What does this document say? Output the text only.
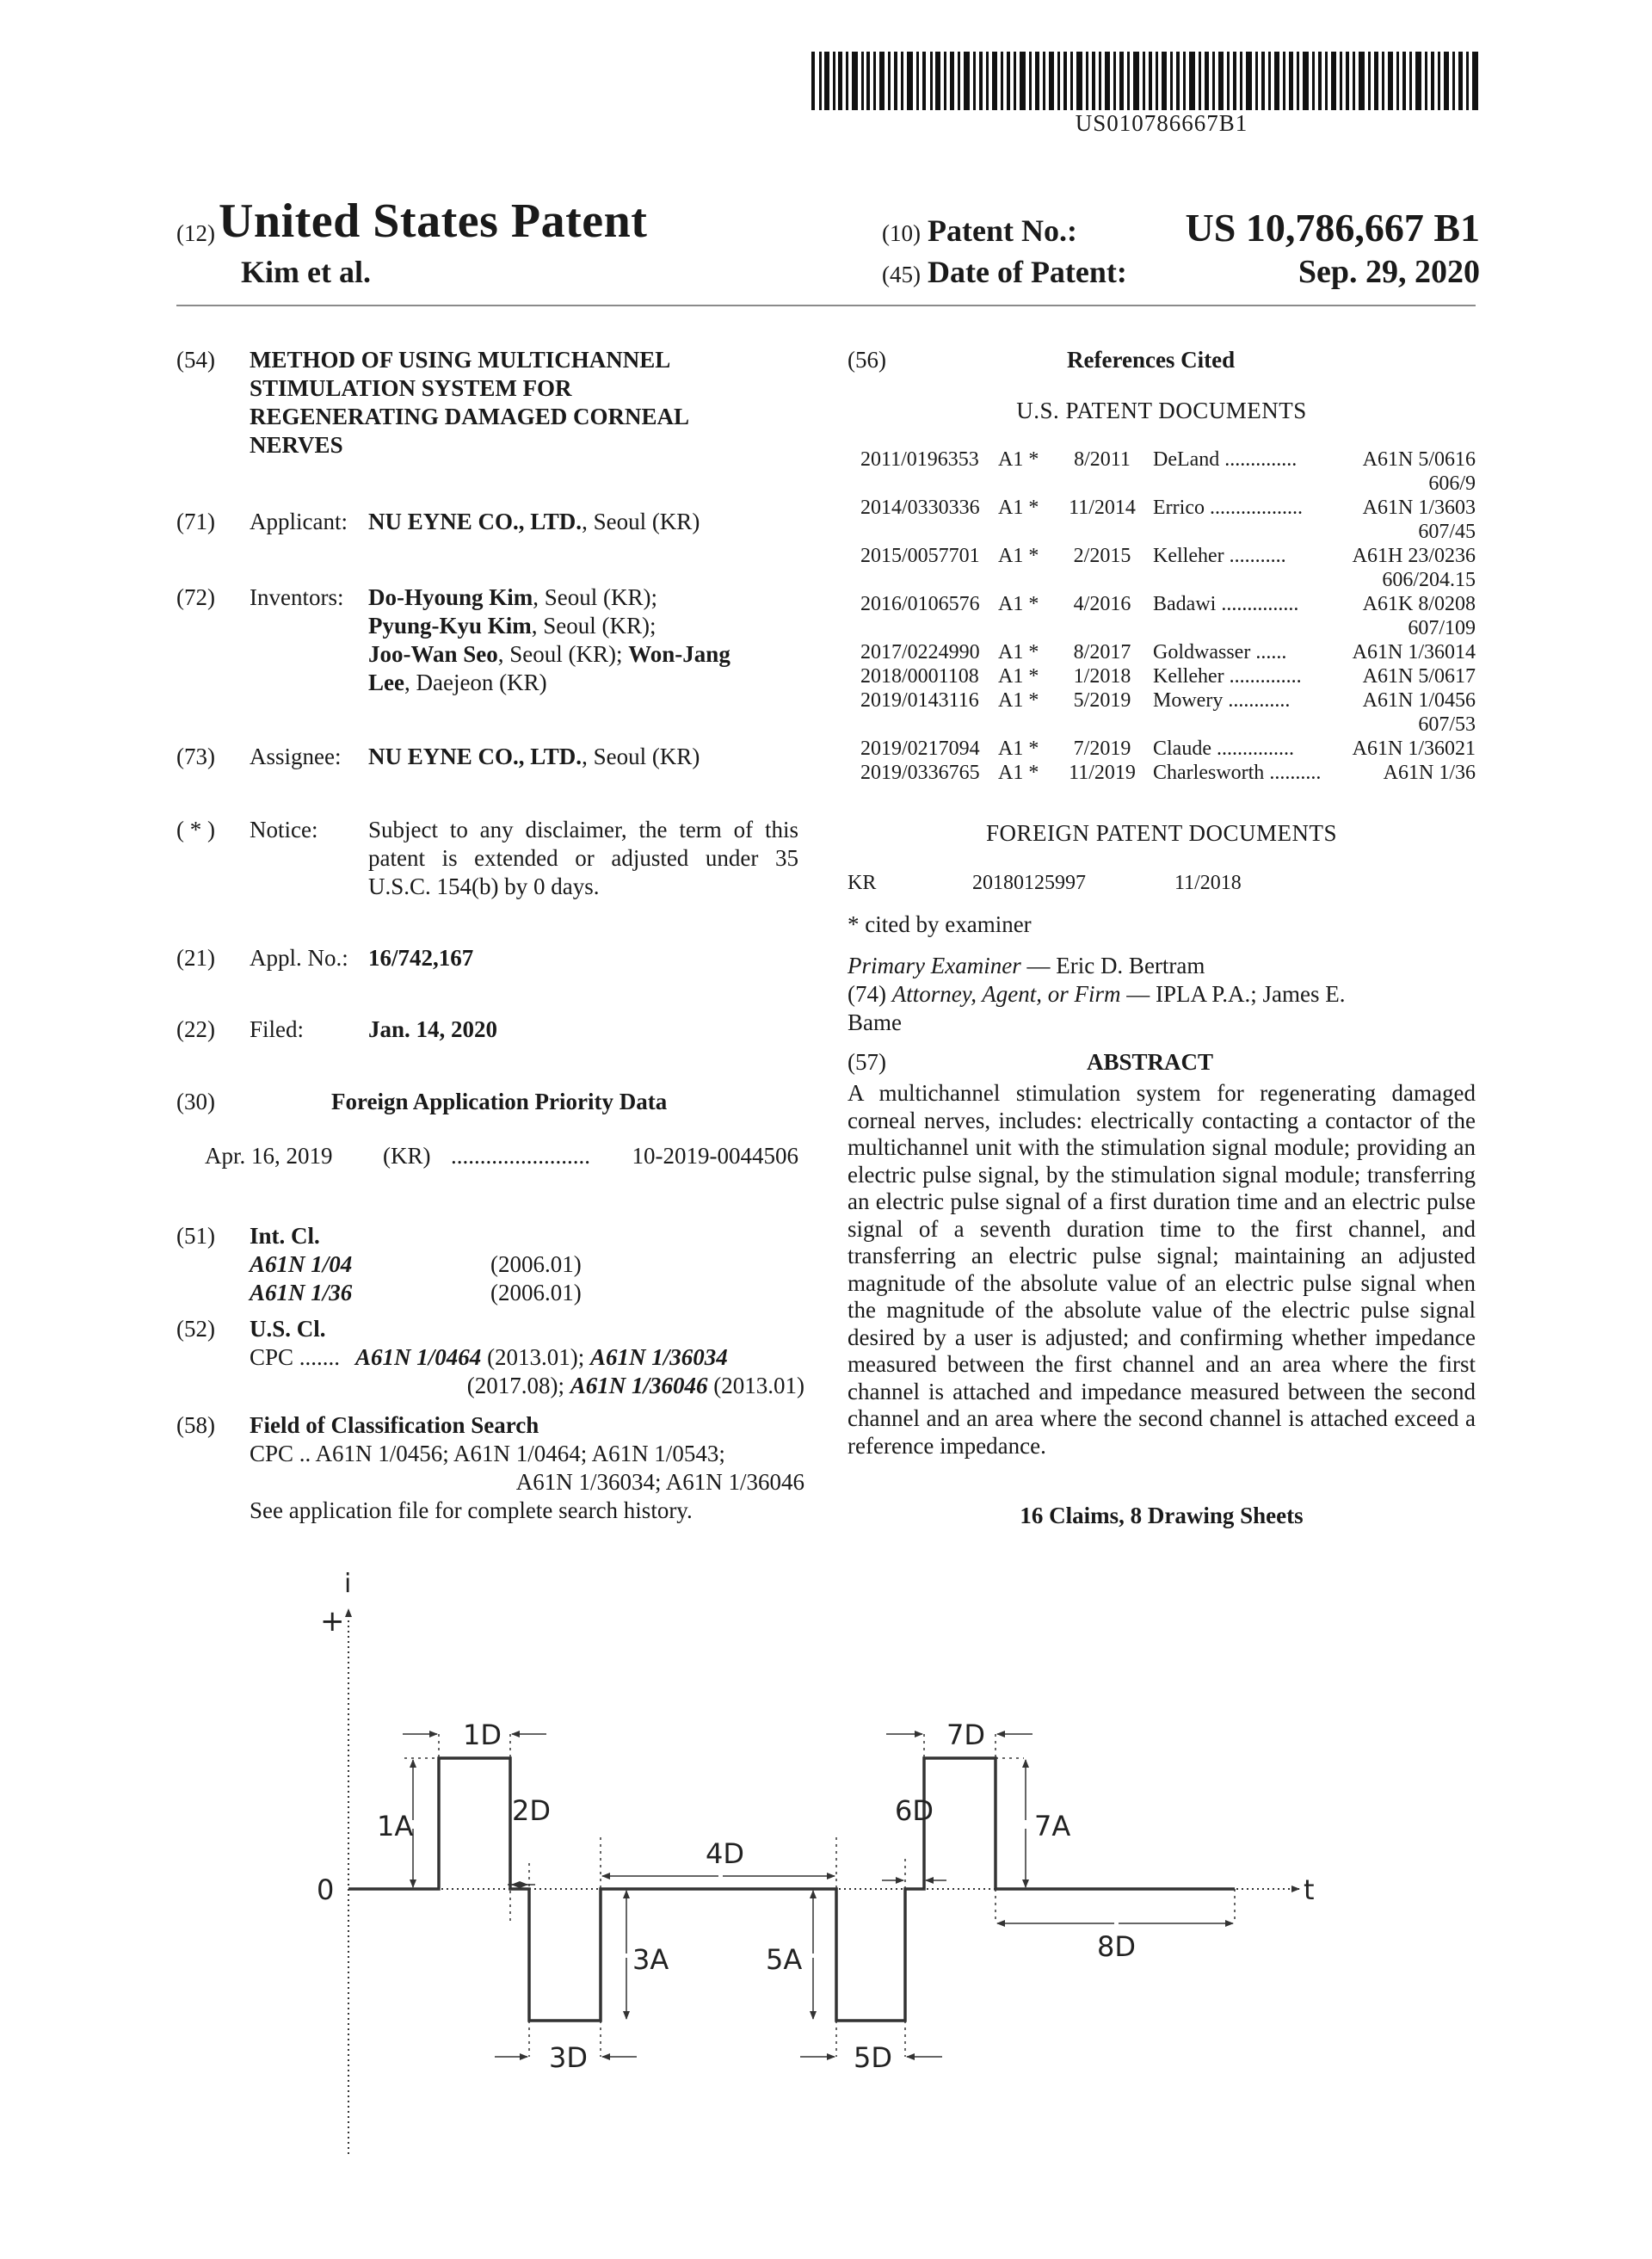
US010786667B1
(12) United States Patent
Kim et al.
(10) Patent No.:	US 10,786,667 B1
(45) Date of Patent:	Sep. 29, 2020
(54)	METHOD OF USING MULTICHANNEL
STIMULATION SYSTEM FOR
REGENERATING DAMAGED CORNEAL
NERVES
(71)	Applicant: NU EYNE CO., LTD., Seoul (KR)
(72)	Inventors: Do-Hyoung Kim, Seoul (KR);
Pyung-Kyu Kim, Seoul (KR);
Joo-Wan Seo, Seoul (KR); Won-Jang
Lee, Daejeon (KR)
(73)	Assignee: NU EYNE CO., LTD., Seoul (KR)
( * )	Notice: Subject to any disclaimer, the term of this
patent is extended or adjusted under 35
U.S.C. 154(b) by 0 days.
(21)	Appl. No.: 16/742,167
(22)	Filed:	Jan. 14, 2020
(30)	Foreign Application Priority Data
Apr. 16, 2019 (KR) ........................ 10-2019-0044506
(51)	Int. Cl.
A61N 1/04	(2006.01)
A61N 1/36	(2006.01)
(52)	U.S. Cl.
CPC ....... A61N 1/0464 (2013.01); A61N 1/36034
(2017.08); A61N 1/36046 (2013.01)
(58)	Field of Classification Search
CPC .. A61N 1/0456; A61N 1/0464; A61N 1/0543;
A61N 1/36034; A61N 1/36046
See application file for complete search history.
(56)	References Cited
U.S. PATENT DOCUMENTS
2011/0196353 A1 *	8/2011	DeLand ..............	A61N 5/0616
606/9
2014/0330336 A1 *	11/2014 Errico ..................	A61N 1/3603
607/45
2015/0057701 A1 *	2/2015	Kelleher ...........	A61H 23/0236
606/204.15
2016/0106576 A1 *	4/2016	Badawi ...............	A61K 8/0208
607/109
2017/0224990 A1 *	8/2017	Goldwasser ......	A61N 1/36014
2018/0001108 A1 *	1/2018	Kelleher ..............	A61N 5/0617
2019/0143116 A1 *	5/2019	Mowery ............	A61N 1/0456
607/53
2019/0217094 A1 *	7/2019	Claude ...............	A61N 1/36021
2019/0336765 A1 *	11/2019 Charlesworth ..........	A61N 1/36
FOREIGN PATENT DOCUMENTS
KR	20180125997	11/2018
* cited by examiner
Primary Examiner — Eric D. Bertram
(74) Attorney, Agent, or Firm — IPLA P.A.; James E.
Bame
(57)	ABSTRACT
A multichannel stimulation system for regenerating damaged corneal nerves, includes: electrically contacting a contactor of the multichannel unit with the stimulation signal module; providing an electric pulse signal, by the stimulation signal module; transferring an electric pulse signal of a first duration time and an electric pulse signal of a seventh duration time to the first channel, and transferring an electric pulse signal; maintaining an adjusted magnitude of the absolute value of an electric pulse signal when the magnitude of the absolute value of the electric pulse signal desired by a user is adjusted; and confirming whether impedance measured between the first channel and an area where the first channel is attached and impedance measured between the second channel and an area where the second channel is attached exceed a reference impedance.
16 Claims, 8 Drawing Sheets
i
+
0	t
1D
2D
3D
4D
5D
6D
7D
8D
1A
3A	5A
7A
